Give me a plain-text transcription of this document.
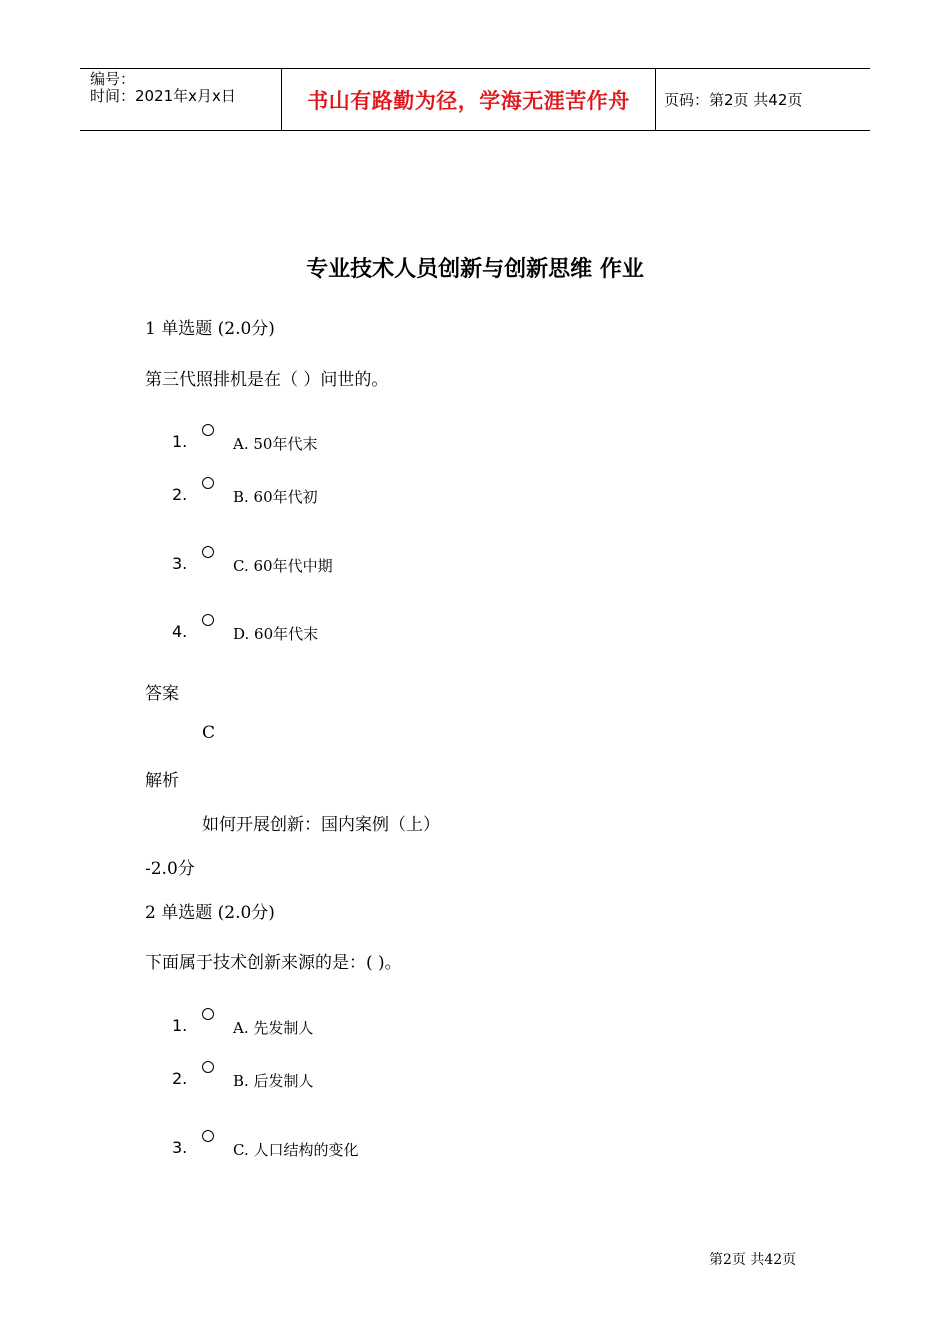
编号：
时间：2021年x月x日	书山有路勤为径，学海无涯苦作舟	页码：第2页 共42页
专业技术人员创新与创新思维 作业
1 单选题 (2.0分)
第三代照排机是在（ ）问世的。
1.	A. 50年代末
2.	B. 60年代初
3.	C. 60年代中期
4.	D. 60年代末
答案
C
解析
如何开展创新：国内案例（上）
-2.0分
2 单选题 (2.0分)
下面属于技术创新来源的是：( )。
1.	A. 先发制人
2.	B. 后发制人
3.	C. 人口结构的变化
第2页 共42页
